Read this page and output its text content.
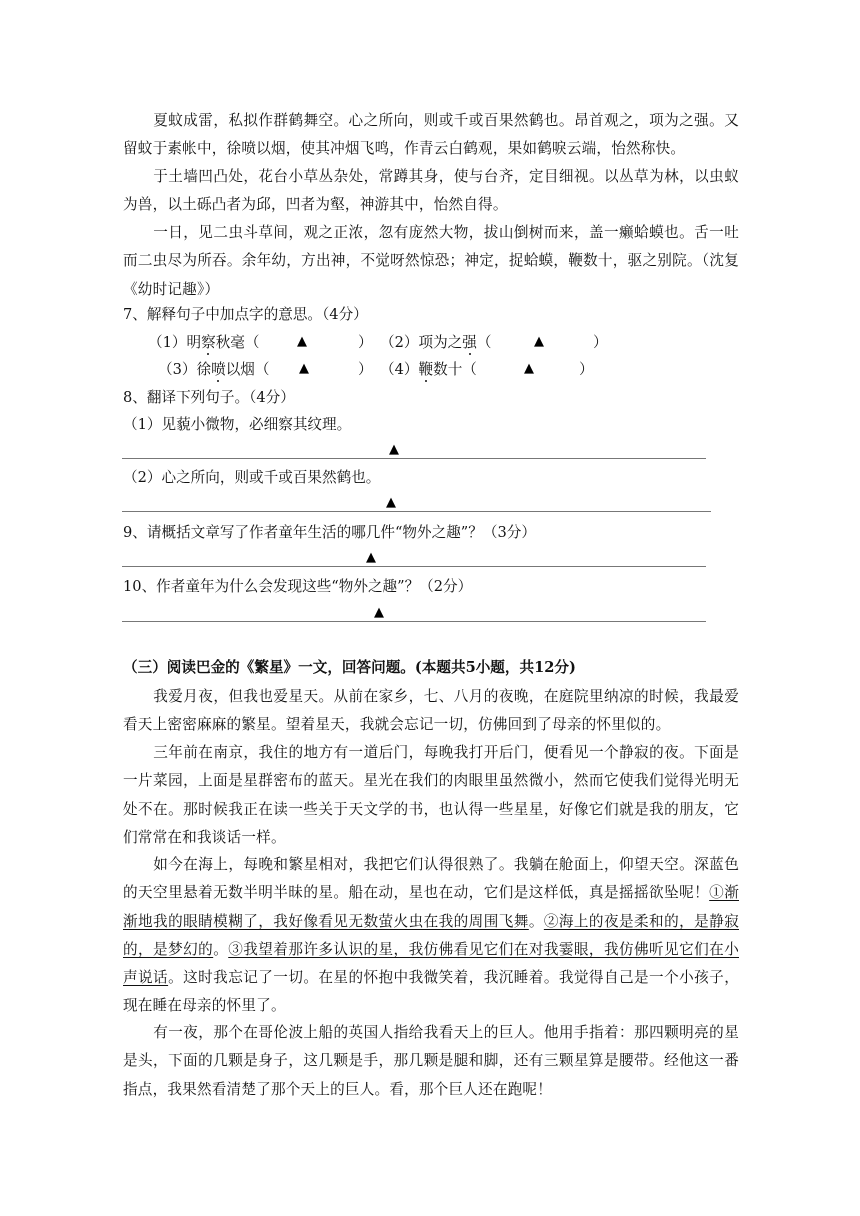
夏蚊成雷，私拟作群鹤舞空。心之所向，则或千或百果然鹤也。昂首观之，项为之强。又留蚊于素帐中，徐喷以烟，使其冲烟飞鸣，作青云白鹤观，果如鹤唳云端，怡然称快。

于土墙凹凸处，花台小草丛杂处，常蹲其身，使与台齐，定目细视。以丛草为林，以虫蚁为兽，以土砾凸者为邱，凹者为壑，神游其中，怡然自得。

一日，见二虫斗草间，观之正浓，忽有庞然大物，拔山倒树而来，盖一癞蛤蟆也。舌一吐而二虫尽为所吞。余年幼，方出神，不觉呀然惊恐；神定，捉蛤蟆，鞭数十，驱之别院。（沈复《幼时记趣》）

7、解释句子中加点字的意思。（4分）

（1）明察秋毫（	▲	） （2）项为之强（	▲	）

（3）徐喷以烟（ ▲	） （4）鞭数十（	▲	）

8、翻译下列句子。（4分）

（1）见藐小微物，必细察其纹理。

▲

（2）心之所向，则或千或百果然鹤也。

▲

9、请概括文章写了作者童年生活的哪几件“物外之趣”？（3分）

▲

10、作者童年为什么会发现这些“物外之趣”？（2分）

▲

（三）阅读巴金的《繁星》一文，回答问题。(本题共5小题，共12分)

我爱月夜，但我也爱星天。从前在家乡，七、八月的夜晚，在庭院里纳凉的时候，我最爱看天上密密麻麻的繁星。望着星天，我就会忘记一切，仿佛回到了母亲的怀里似的。

三年前在南京，我住的地方有一道后门，每晚我打开后门，便看见一个静寂的夜。下面是一片菜园，上面是星群密布的蓝天。星光在我们的肉眼里虽然微小，然而它使我们觉得光明无处不在。那时候我正在读一些关于天文学的书，也认得一些星星，好像它们就是我的朋友，它们常常在和我谈话一样。

如今在海上，每晚和繁星相对，我把它们认得很熟了。我躺在舱面上，仰望天空。深蓝色的天空里悬着无数半明半昧的星。船在动，星也在动，它们是这样低，真是摇摇欲坠呢！①渐渐地我的眼睛模糊了，我好像看见无数萤火虫在我的周围飞舞。②海上的夜是柔和的，是静寂的，是梦幻的。③我望着那许多认识的星，我仿佛看见它们在对我霎眼，我仿佛听见它们在小声说话。这时我忘记了一切。在星的怀抱中我微笑着，我沉睡着。我觉得自己是一个小孩子，现在睡在母亲的怀里了。

有一夜，那个在哥伦波上船的英国人指给我看天上的巨人。他用手指着：那四颗明亮的星是头，下面的几颗是身子，这几颗是手，那几颗是腿和脚，还有三颗星算是腰带。经他这一番指点，我果然看清楚了那个天上的巨人。看，那个巨人还在跑呢！
